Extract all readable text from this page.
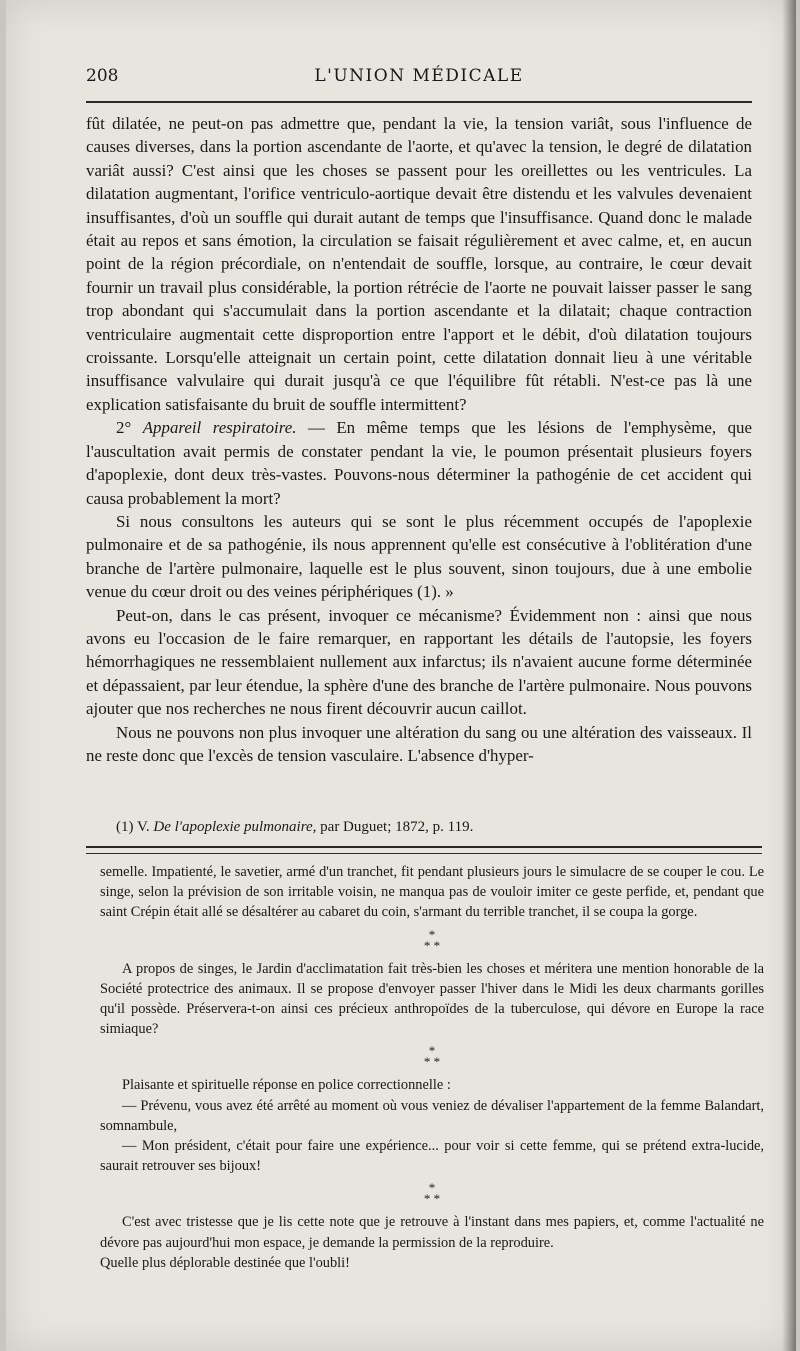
208	L'UNION MÉDICALE

fût dilatée, ne peut-on pas admettre que, pendant la vie, la tension variât, sous l'influence de causes diverses, dans la portion ascendante de l'aorte, et qu'avec la tension, le degré de dilatation variât aussi? C'est ainsi que les choses se passent pour les oreillettes ou les ventricules. La dilatation augmentant, l'orifice ventriculo-aortique devait être distendu et les valvules devenaient insuffisantes, d'où un souffle qui durait autant de temps que l'insuffisance. Quand donc le malade était au repos et sans émotion, la circulation se faisait régulièrement et avec calme, et, en aucun point de la région précordiale, on n'entendait de souffle, lorsque, au contraire, le cœur devait fournir un travail plus considérable, la portion rétrécie de l'aorte ne pouvait laisser passer le sang trop abondant qui s'accumulait dans la portion ascendante et la dilatait; chaque contraction ventriculaire augmentait cette disproportion entre l'apport et le débit, d'où dilatation toujours croissante. Lorsqu'elle atteignait un certain point, cette dilatation donnait lieu à une véritable insuffisance valvulaire qui durait jusqu'à ce que l'équilibre fût rétabli. N'est-ce pas là une explication satisfaisante du bruit de souffle intermittent?

2° Appareil respiratoire. — En même temps que les lésions de l'emphysème, que l'auscultation avait permis de constater pendant la vie, le poumon présentait plusieurs foyers d'apoplexie, dont deux très-vastes. Pouvons-nous déterminer la pathogénie de cet accident qui causa probablement la mort?

Si nous consultons les auteurs qui se sont le plus récemment occupés de l'apoplexie pulmonaire et de sa pathogénie, ils nous apprennent qu'elle est consécutive à l'oblitération d'une branche de l'artère pulmonaire, laquelle est le plus souvent, sinon toujours, due à une embolie venue du cœur droit ou des veines périphériques (1). »

Peut-on, dans le cas présent, invoquer ce mécanisme? Évidemment non : ainsi que nous avons eu l'occasion de le faire remarquer, en rapportant les détails de l'autopsie, les foyers hémorrhagiques ne ressemblaient nullement aux infarctus; ils n'avaient aucune forme déterminée et dépassaient, par leur étendue, la sphère d'une des branche de l'artère pulmonaire. Nous pouvons ajouter que nos recherches ne nous firent découvrir aucun caillot.

Nous ne pouvons non plus invoquer une altération du sang ou une altération des vaisseaux. Il ne reste donc que l'excès de tension vasculaire. L'absence d'hyper-

(1) V. De l'apoplexie pulmonaire, par Duguet; 1872, p. 119.

semelle. Impatienté, le savetier, armé d'un tranchet, fit pendant plusieurs jours le simulacre de se couper le cou. Le singe, selon la prévision de son irritable voisin, ne manqua pas de vouloir imiter ce geste perfide, et, pendant que saint Crépin était allé se désaltérer au cabaret du coin, s'armant du terrible tranchet, il se coupa la gorge.

*
* *

A propos de singes, le Jardin d'acclimatation fait très-bien les choses et méritera une mention honorable de la Société protectrice des animaux. Il se propose d'envoyer passer l'hiver dans le Midi les deux charmants gorilles qu'il possède. Préservera-t-on ainsi ces précieux anthropoïdes de la tuberculose, qui dévore en Europe la race simiaque?

*
* *

Plaisante et spirituelle réponse en police correctionnelle :

— Prévenu, vous avez été arrêté au moment où vous veniez de dévaliser l'appartement de la femme Balandart, somnambule,

— Mon président, c'était pour faire une expérience... pour voir si cette femme, qui se prétend extra-lucide, saurait retrouver ses bijoux!

*
* *

C'est avec tristesse que je lis cette note que je retrouve à l'instant dans mes papiers, et, comme l'actualité ne dévore pas aujourd'hui mon espace, je demande la permission de la reproduire.

Quelle plus déplorable destinée que l'oubli!
